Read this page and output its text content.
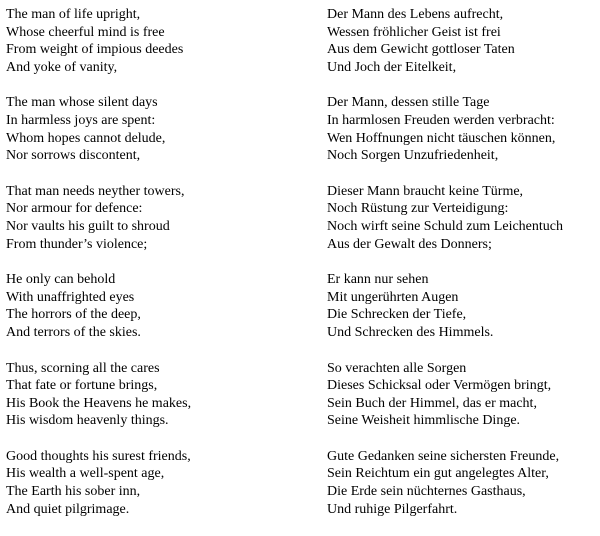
The man of life upright,
Whose cheerful mind is free
From weight of impious deedes
And yoke of vanity,
The man whose silent days
In harmless joys are spent:
Whom hopes cannot delude,
Nor sorrows discontent,
That man needs neyther towers,
Nor armour for defence:
Nor vaults his guilt to shroud
From thunder’s violence;
He only can behold
With unaffrighted eyes
The horrors of the deep,
And terrors of the skies.
Thus, scorning all the cares
That fate or fortune brings,
His Book the Heavens he makes,
His wisdom heavenly things.
Good thoughts his surest friends,
His wealth a well-spent age,
The Earth his sober inn,
And quiet pilgrimage.
Der Mann des Lebens aufrecht,
Wessen fröhlicher Geist ist frei
Aus dem Gewicht gottloser Taten
Und Joch der Eitelkeit,
Der Mann, dessen stille Tage
In harmlosen Freuden werden verbracht:
Wen Hoffnungen nicht täuschen können,
Noch Sorgen Unzufriedenheit,
Dieser Mann braucht keine Türme,
Noch Rüstung zur Verteidigung:
Noch wirft seine Schuld zum Leichentuch
Aus der Gewalt des Donners;
Er kann nur sehen
Mit ungerührten Augen
Die Schrecken der Tiefe,
Und Schrecken des Himmels.
So verachten alle Sorgen
Dieses Schicksal oder Vermögen bringt,
Sein Buch der Himmel, das er macht,
Seine Weisheit himmlische Dinge.
Gute Gedanken seine sichersten Freunde,
Sein Reichtum ein gut angelegtes Alter,
Die Erde sein nüchternes Gasthaus,
Und ruhige Pilgerfahrt.
